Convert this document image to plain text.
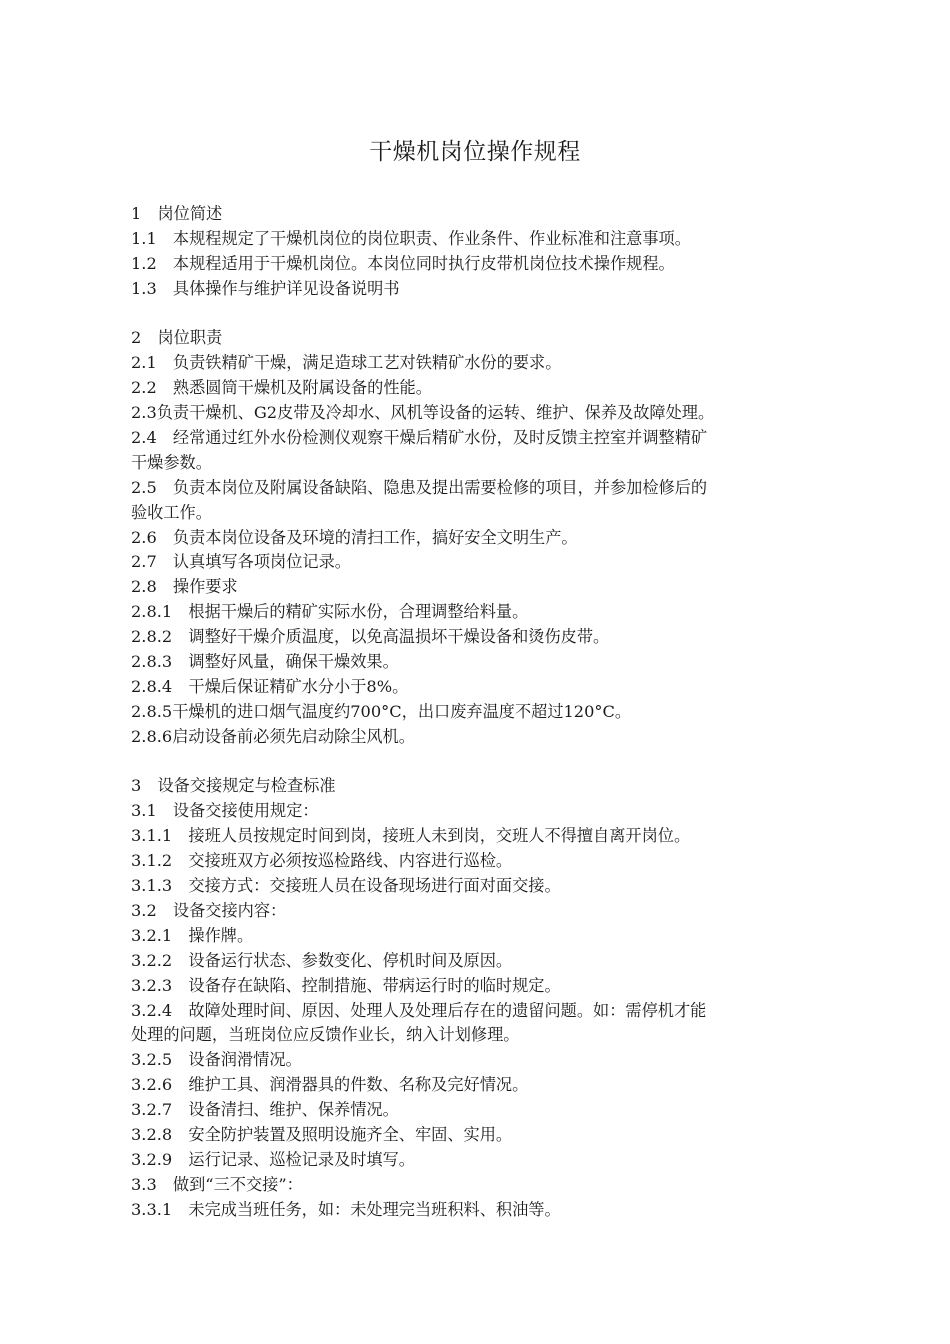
干燥机岗位操作规程
1　岗位简述
1.1　本规程规定了干燥机岗位的岗位职责、作业条件、作业标准和注意事项。
1.2　本规程适用于干燥机岗位。本岗位同时执行皮带机岗位技术操作规程。
1.3　具体操作与维护详见设备说明书
2　岗位职责
2.1　负责铁精矿干燥，满足造球工艺对铁精矿水份的要求。
2.2　熟悉圆筒干燥机及附属设备的性能。
2.3负责干燥机、G2皮带及冷却水、风机等设备的运转、维护、保养及故障处理。
2.4　经常通过红外水份检测仪观察干燥后精矿水份，及时反馈主控室并调整精矿
干燥参数。
2.5　负责本岗位及附属设备缺陷、隐患及提出需要检修的项目，并参加检修后的
验收工作。
2.6　负责本岗位设备及环境的清扫工作，搞好安全文明生产。
2.7　认真填写各项岗位记录。
2.8　操作要求
2.8.1　根据干燥后的精矿实际水份，合理调整给料量。
2.8.2　调整好干燥介质温度，以免高温损坏干燥设备和烫伤皮带。
2.8.3　调整好风量，确保干燥效果。
2.8.4　干燥后保证精矿水分小于8%。
2.8.5干燥机的进口烟气温度约700°C，出口废弃温度不超过120°C。
2.8.6启动设备前必须先启动除尘风机。
3　设备交接规定与检查标准
3.1　设备交接使用规定：
3.1.1　接班人员按规定时间到岗，接班人未到岗，交班人不得擅自离开岗位。
3.1.2　交接班双方必须按巡检路线、内容进行巡检。
3.1.3　交接方式：交接班人员在设备现场进行面对面交接。
3.2　设备交接内容：
3.2.1　操作牌。
3.2.2　设备运行状态、参数变化、停机时间及原因。
3.2.3　设备存在缺陷、控制措施、带病运行时的临时规定。
3.2.4　故障处理时间、原因、处理人及处理后存在的遗留问题。如：需停机才能
处理的问题，当班岗位应反馈作业长，纳入计划修理。
3.2.5　设备润滑情况。
3.2.6　维护工具、润滑器具的件数、名称及完好情况。
3.2.7　设备清扫、维护、保养情况。
3.2.8　安全防护装置及照明设施齐全、牢固、实用。
3.2.9　运行记录、巡检记录及时填写。
3.3　做到“三不交接”：
3.3.1　未完成当班任务，如：未处理完当班积料、积油等。
